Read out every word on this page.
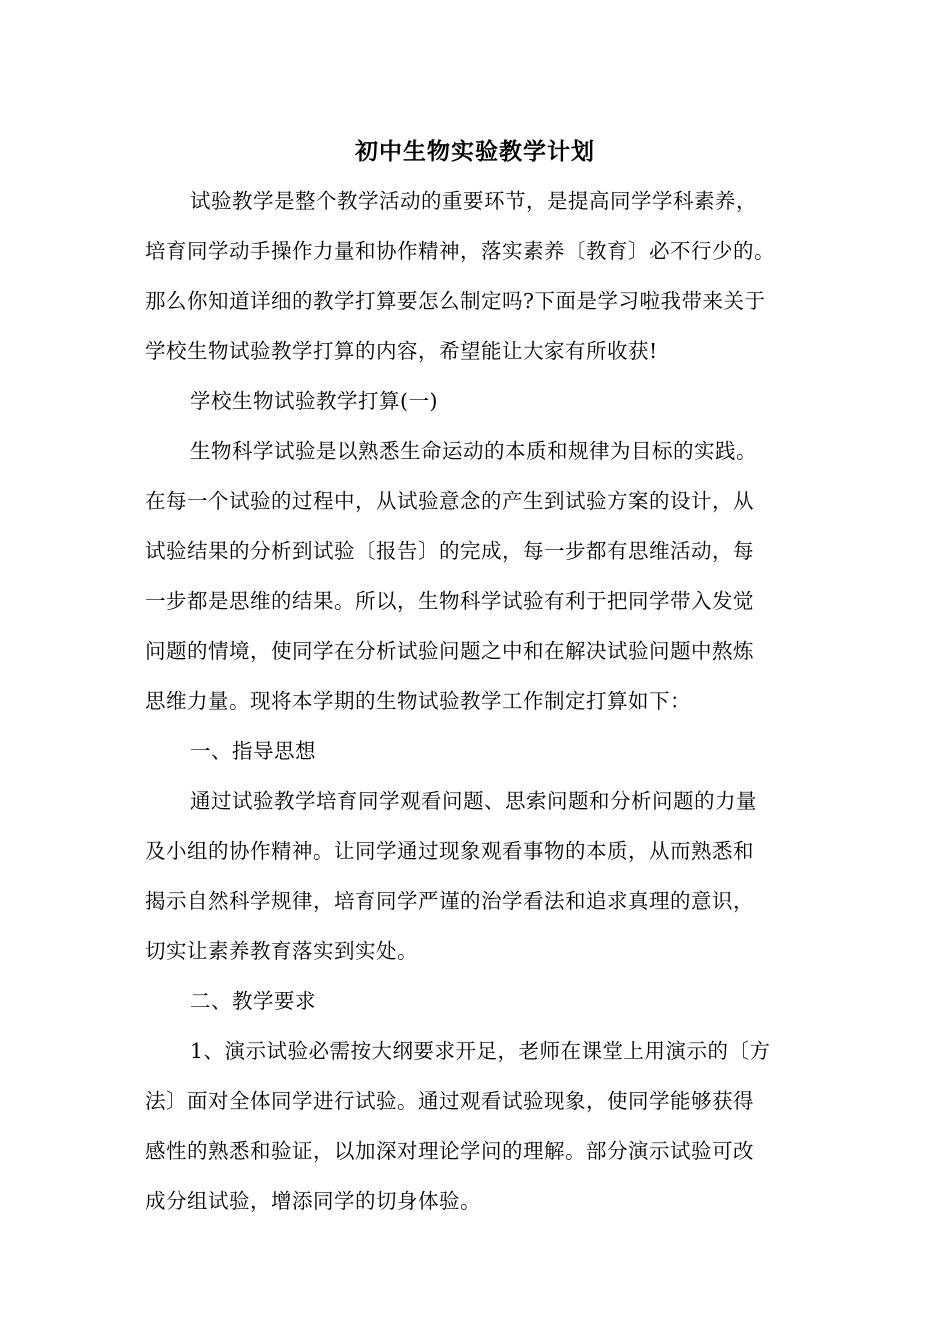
初中生物实验教学计划
试验教学是整个教学活动的重要环节，是提高同学学科素养，
培育同学动手操作力量和协作精神，落实素养〔教育〕必不行少的。
那么你知道详细的教学打算要怎么制定吗?下面是学习啦我带来关于
学校生物试验教学打算的内容，希望能让大家有所收获!
学校生物试验教学打算(一)
生物科学试验是以熟悉生命运动的本质和规律为目标的实践。
在每一个试验的过程中，从试验意念的产生到试验方案的设计，从
试验结果的分析到试验〔报告〕的完成，每一步都有思维活动，每
一步都是思维的结果。所以，生物科学试验有利于把同学带入发觉
问题的情境，使同学在分析试验问题之中和在解决试验问题中熬炼
思维力量。现将本学期的生物试验教学工作制定打算如下：
一、指导思想
通过试验教学培育同学观看问题、思索问题和分析问题的力量
及小组的协作精神。让同学通过现象观看事物的本质，从而熟悉和
揭示自然科学规律，培育同学严谨的治学看法和追求真理的意识，
切实让素养教育落实到实处。
二、教学要求
1、演示试验必需按大纲要求开足，老师在课堂上用演示的〔方
法〕面对全体同学进行试验。通过观看试验现象，使同学能够获得
感性的熟悉和验证，以加深对理论学问的理解。部分演示试验可改
成分组试验，增添同学的切身体验。
